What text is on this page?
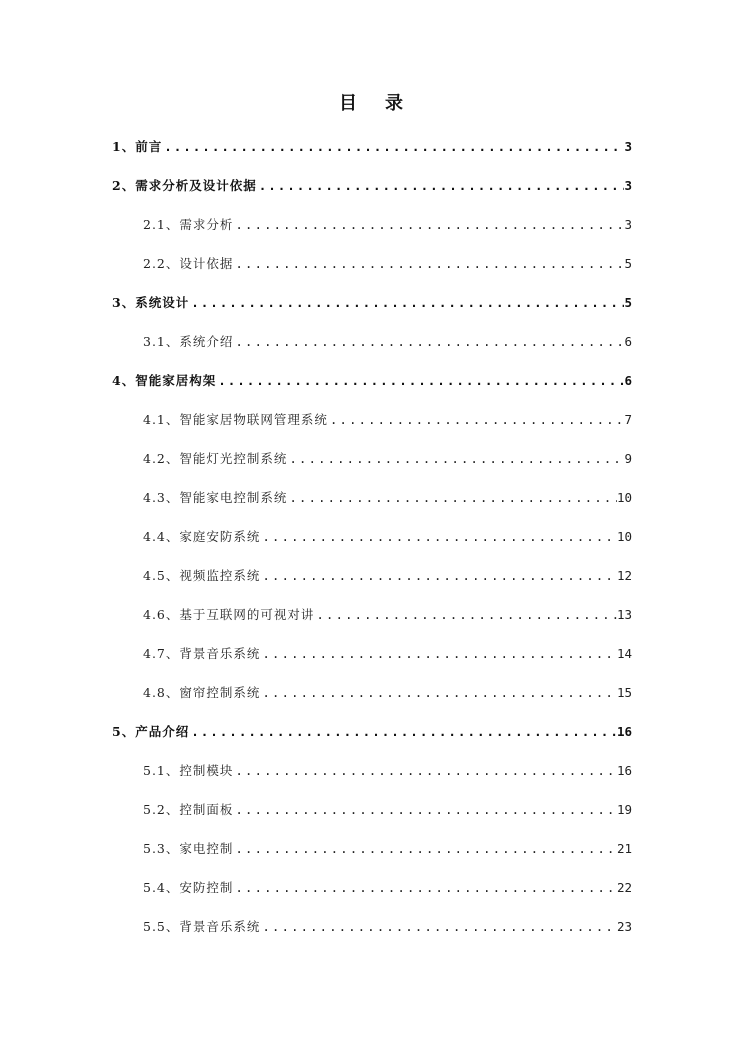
目 录
1、前言 .....	3
2、需求分析及设计依据 .....	3
2.1、需求分析 .....	3
2.2、设计依据 .....	5
3、系统设计 .....	5
3.1、系统介绍 .....	6
4、智能家居构架 .....	6
4.1、智能家居物联网管理系统 .....	7
4.2、智能灯光控制系统 .....	9
4.3、智能家电控制系统 .....	10
4.4、家庭安防系统 .....	10
4.5、视频监控系统 .....	12
4.6、基于互联网的可视对讲 .....	13
4.7、背景音乐系统 .....	14
4.8、窗帘控制系统 .....	15
5、产品介绍 .....	16
5.1、控制模块 .....	16
5.2、控制面板 .....	19
5.3、家电控制 .....	21
5.4、安防控制 .....	22
5.5、背景音乐系统 .....	23
